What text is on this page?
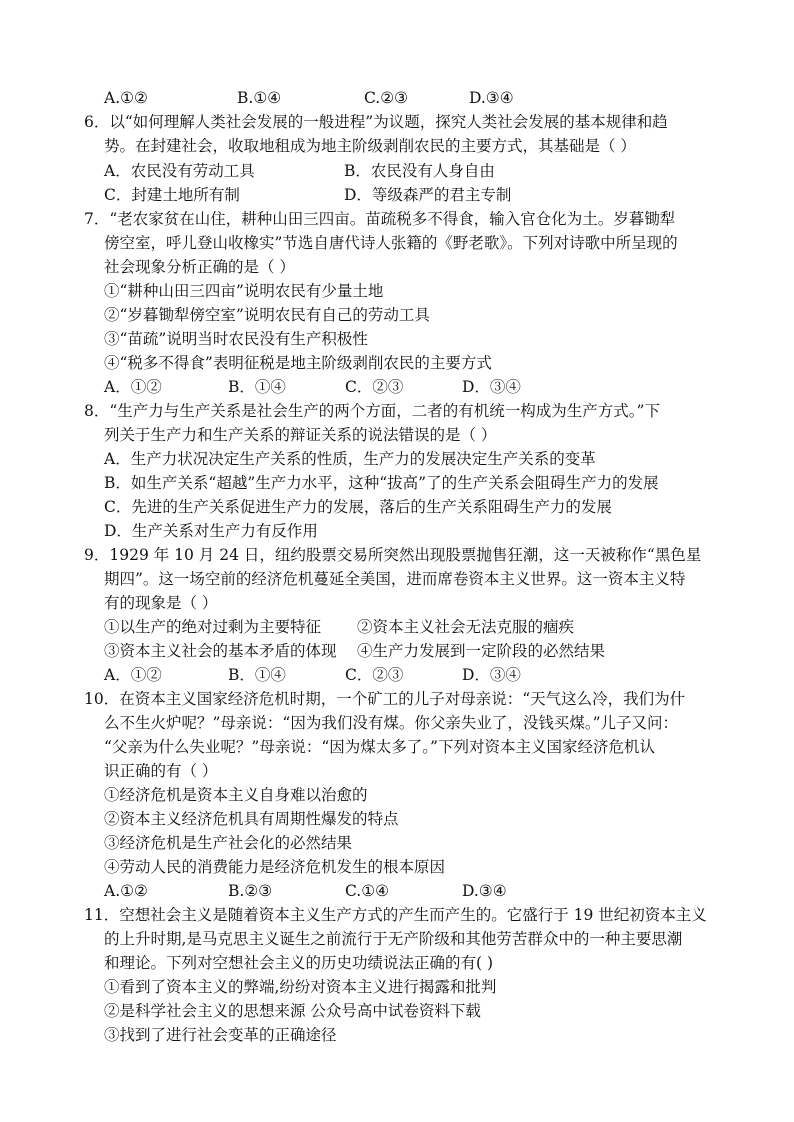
A.①②	B.①④	C.②③	D.③④
6．以“如何理解人类社会发展的一般进程”为议题，探究人类社会发展的基本规律和趋
势。在封建社会，收取地租成为地主阶级剥削农民的主要方式，其基础是（ ）
A．农民没有劳动工具	B．农民没有人身自由
C．封建土地所有制	D．等级森严的君主专制
7．“老农家贫在山住，耕种山田三四亩。苗疏税多不得食，输入官仓化为土。岁暮锄犁
傍空室，呼儿登山收橡实”节选自唐代诗人张籍的《野老歌》。下列对诗歌中所呈现的
社会现象分析正确的是（ ）
①“耕种山田三四亩”说明农民有少量土地
②“岁暮锄犁傍空室”说明农民有自己的劳动工具
③“苗疏”说明当时农民没有生产积极性
④“税多不得食”表明征税是地主阶级剥削农民的主要方式
A．①②	B．①④	C．②③	D．③④
8．“生产力与生产关系是社会生产的两个方面，二者的有机统一构成为生产方式。”下
列关于生产力和生产关系的辩证关系的说法错误的是（ ）
A．生产力状况决定生产关系的性质，生产力的发展决定生产关系的变革
B．如生产关系“超越”生产力水平，这种“拔高”了的生产关系会阻碍生产力的发展
C．先进的生产关系促进生产力的发展，落后的生产关系阻碍生产力的发展
D．生产关系对生产力有反作用
9．1929 年 10 月 24 日，纽约股票交易所突然出现股票抛售狂潮，这一天被称作“黑色星
期四”。这一场空前的经济危机蔓延全美国，进而席卷资本主义世界。这一资本主义特
有的现象是（ ）
①以生产的绝对过剩为主要特征 ②资本主义社会无法克服的痼疾
③资本主义社会的基本矛盾的体现 ④生产力发展到一定阶段的必然结果
A．①②	B．①④	C．②③	D．③④
10．在资本主义国家经济危机时期，一个矿工的儿子对母亲说：“天气这么冷，我们为什
么不生火炉呢？”母亲说：“因为我们没有煤。你父亲失业了，没钱买煤。”儿子又问：
“父亲为什么失业呢？”母亲说：“因为煤太多了。”下列对资本主义国家经济危机认
识正确的有（ ）
①经济危机是资本主义自身难以治愈的
②资本主义经济危机具有周期性爆发的特点
③经济危机是生产社会化的必然结果
④劳动人民的消费能力是经济危机发生的根本原因
A.①②	B.②③	C.①④	D.③④
11．空想社会主义是随着资本主义生产方式的产生而产生的。它盛行于 19 世纪初资本主义
的上升时期,是马克思主义诞生之前流行于无产阶级和其他劳苦群众中的一种主要思潮
和理论。下列对空想社会主义的历史功绩说法正确的有( )
①看到了资本主义的弊端,纷纷对资本主义进行揭露和批判
②是科学社会主义的思想来源 公众号高中试卷资料下载
③找到了进行社会变革的正确途径
